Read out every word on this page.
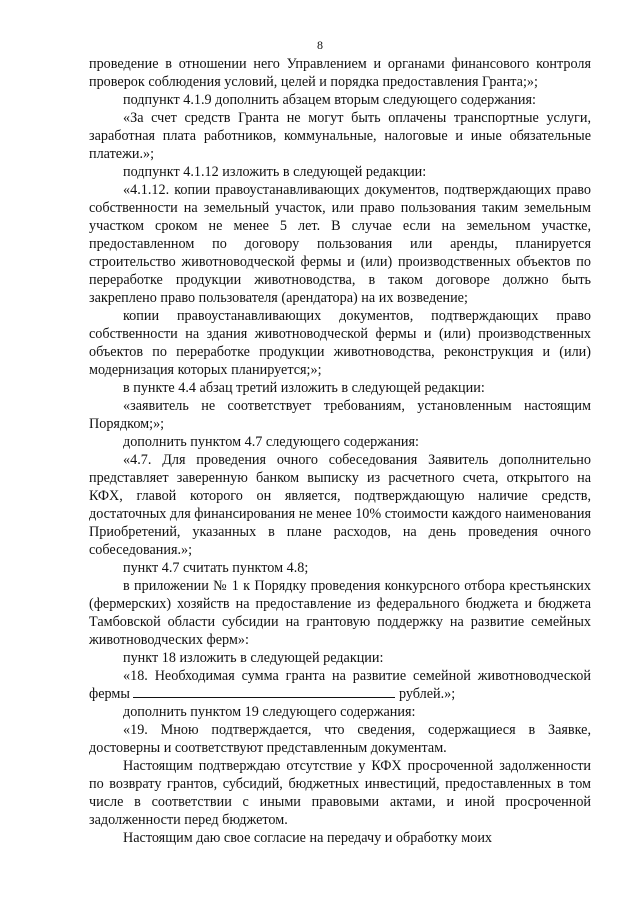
8

проведение в отношении него Управлением и органами финансового контроля проверок соблюдения условий, целей и порядка предоставления Гранта;»;

подпункт 4.1.9 дополнить абзацем вторым следующего содержания:

«За счет средств Гранта не могут быть оплачены транспортные услуги, заработная плата работников, коммунальные, налоговые и иные обязательные платежи.»;

подпункт 4.1.12 изложить в следующей редакции:

«4.1.12. копии правоустанавливающих документов, подтверждающих право собственности на земельный участок, или право пользования таким земельным участком сроком не менее 5 лет. В случае если на земельном участке, предоставленном по договору пользования или аренды, планируется строительство животноводческой фермы и (или) производственных объектов по переработке продукции животноводства, в таком договоре должно быть закреплено право пользователя (арендатора) на их возведение;

копии правоустанавливающих документов, подтверждающих право собственности на здания животноводческой фермы и (или) производственных объектов по переработке продукции животноводства, реконструкция и (или) модернизация которых планируется;»;

в пункте 4.4 абзац третий изложить в следующей редакции:

«заявитель не соответствует требованиям, установленным настоящим Порядком;»;

дополнить пунктом 4.7 следующего содержания:

«4.7. Для проведения очного собеседования Заявитель дополнительно представляет заверенную банком выписку из расчетного счета, открытого на КФХ, главой которого он является, подтверждающую наличие средств, достаточных для финансирования не менее 10% стоимости каждого наименования Приобретений, указанных в плане расходов, на день проведения очного собеседования.»;

пункт 4.7 считать пунктом 4.8;

в приложении № 1 к Порядку проведения конкурсного отбора крестьянских (фермерских) хозяйств на предоставление из федерального бюджета и бюджета Тамбовской области субсидии на грантовую поддержку на развитие семейных животноводческих ферм»:

пункт 18 изложить в следующей редакции:

«18. Необходимая сумма гранта на развитие семейной животноводческой фермы	рублей.»;

дополнить пунктом 19 следующего содержания:

«19. Мною подтверждается, что сведения, содержащиеся в Заявке, достоверны и соответствуют представленным документам.

Настоящим подтверждаю отсутствие у КФХ просроченной задолженности по возврату грантов, субсидий, бюджетных инвестиций, предоставленных в том числе в соответствии с иными правовыми актами, и иной просроченной задолженности перед бюджетом.

Настоящим даю свое согласие на передачу и обработку моих
